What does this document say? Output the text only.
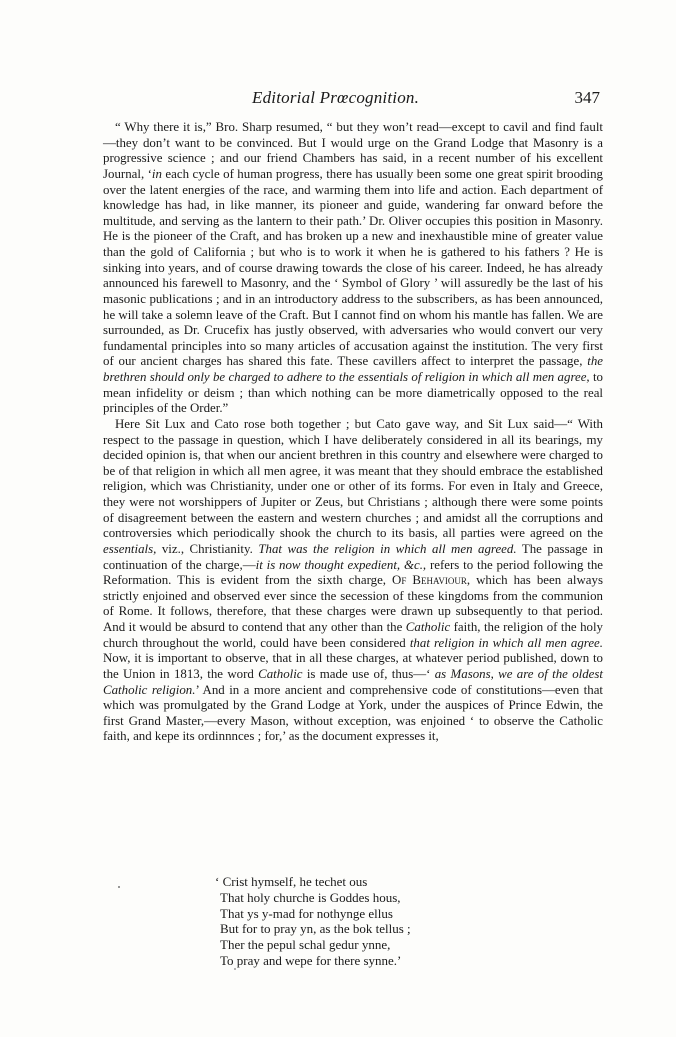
Editorial Prœcognition.	347

“ Why there it is,” Bro. Sharp resumed, “ but they won’t read—except to cavil and find fault—they don’t want to be convinced. But I would urge on the Grand Lodge that Masonry is a progressive science ; and our friend Chambers has said, in a recent number of his excellent Journal, ‘in each cycle of human progress, there has usually been some one great spirit brooding over the latent energies of the race, and warming them into life and action. Each department of knowledge has had, in like manner, its pioneer and guide, wandering far onward before the multitude, and serving as the lantern to their path.’ Dr. Oliver occupies this position in Masonry. He is the pioneer of the Craft, and has broken up a new and inexhaustible mine of greater value than the gold of California ; but who is to work it when he is gathered to his fathers ? He is sinking into years, and of course drawing towards the close of his career. Indeed, he has already announced his farewell to Masonry, and the ‘ Symbol of Glory ’ will assuredly be the last of his masonic publications ; and in an introductory address to the subscribers, as has been announced, he will take a solemn leave of the Craft. But I cannot find on whom his mantle has fallen. We are surrounded, as Dr. Crucefix has justly observed, with adversaries who would convert our very fundamental principles into so many articles of accusation against the institution. The very first of our ancient charges has shared this fate. These cavillers affect to interpret the passage, the brethren should only be charged to adhere to the essentials of religion in which all men agree, to mean infidelity or deism ; than which nothing can be more diametrically opposed to the real principles of the Order.”

Here Sit Lux and Cato rose both together ; but Cato gave way, and Sit Lux said—“ With respect to the passage in question, which I have deliberately considered in all its bearings, my decided opinion is, that when our ancient brethren in this country and elsewhere were charged to be of that religion in which all men agree, it was meant that they should embrace the established religion, which was Christianity, under one or other of its forms. For even in Italy and Greece, they were not worshippers of Jupiter or Zeus, but Christians ; although there were some points of disagreement between the eastern and western churches ; and amidst all the corruptions and controversies which periodically shook the church to its basis, all parties were agreed on the essentials, viz., Christianity. That was the religion in which all men agreed. The passage in continuation of the charge,—it is now thought expedient, &c., refers to the period following the Reformation. This is evident from the sixth charge, Of Behaviour, which has been always strictly enjoined and observed ever since the secession of these kingdoms from the communion of Rome. It follows, therefore, that these charges were drawn up subsequently to that period. And it would be absurd to contend that any other than the Catholic faith, the religion of the holy church throughout the world, could have been considered that religion in which all men agree. Now, it is important to observe, that in all these charges, at whatever period published, down to the Union in 1813, the word Catholic is made use of, thus—‘ as Masons, we are of the oldest Catholic religion.’ And in a more ancient and comprehensive code of constitutions—even that which was promulgated by the Grand Lodge at York, under the auspices of Prince Edwin, the first Grand Master,—every Mason, without exception, was enjoined ‘ to observe the Catholic faith, and kepe its ordinnnces ; for,’ as the document expresses it,

‘ Crist hymself, he techet ous
That holy churche is Goddes hous,
That ys y-mad for nothynge ellus
But for to pray yn, as the bok tellus ;
Ther the pepul schal gedur ynne,
To pray and wepe for there synne.’
